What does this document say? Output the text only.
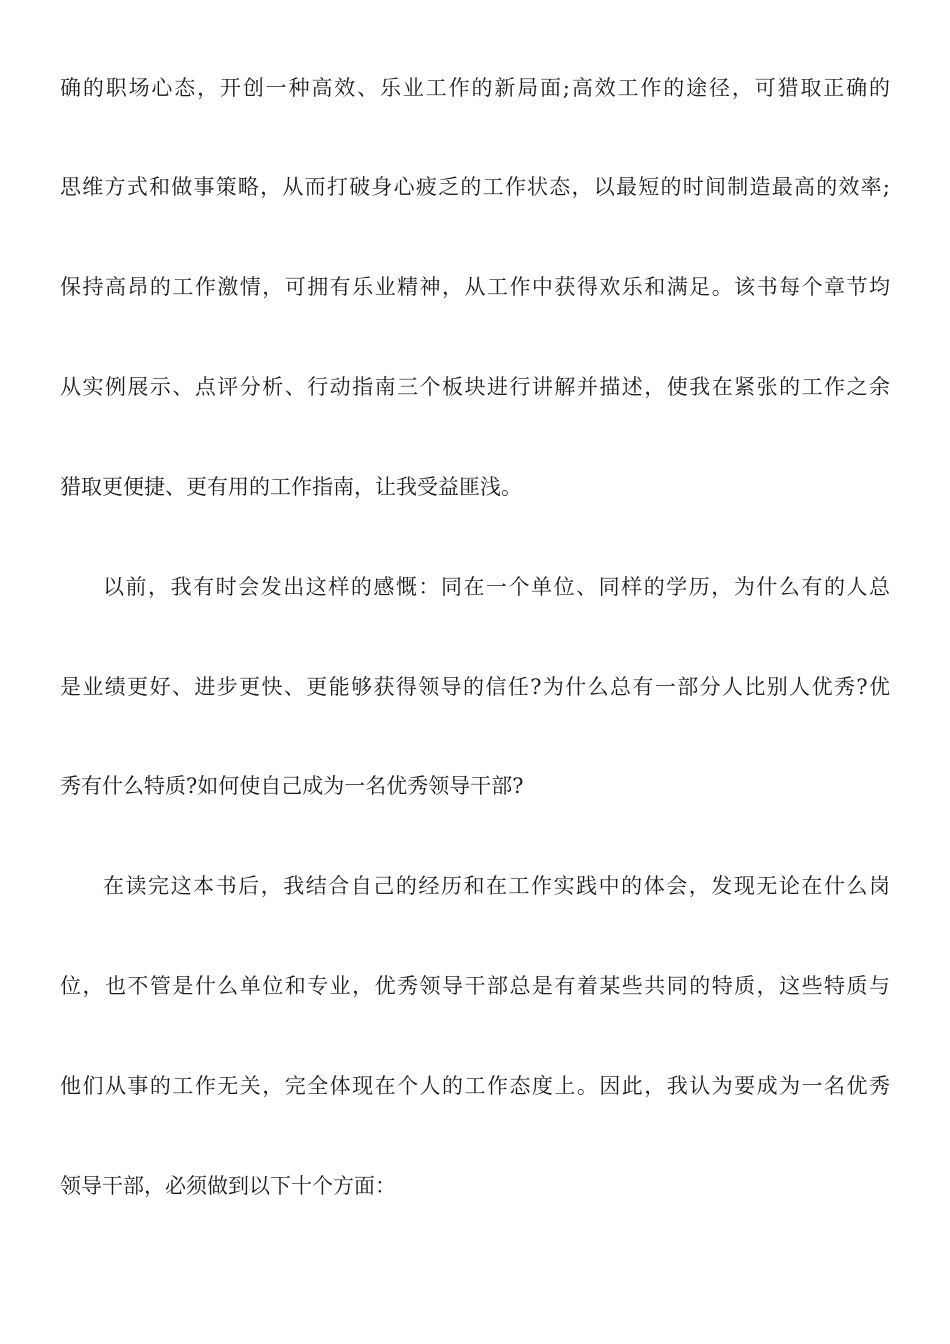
确的职场心态，开创一种高效、乐业工作的新局面;高效工作的途径，可猎取正确的
思维方式和做事策略，从而打破身心疲乏的工作状态，以最短的时间制造最高的效率;
保持高昂的工作激情，可拥有乐业精神，从工作中获得欢乐和满足。该书每个章节均
从实例展示、点评分析、行动指南三个板块进行讲解并描述，使我在紧张的工作之余
猎取更便捷、更有用的工作指南，让我受益匪浅。
以前，我有时会发出这样的感慨：同在一个单位、同样的学历，为什么有的人总
是业绩更好、进步更快、更能够获得领导的信任?为什么总有一部分人比别人优秀?优
秀有什么特质?如何使自己成为一名优秀领导干部?
在读完这本书后，我结合自己的经历和在工作实践中的体会，发现无论在什么岗
位，也不管是什么单位和专业，优秀领导干部总是有着某些共同的特质，这些特质与
他们从事的工作无关，完全体现在个人的工作态度上。因此，我认为要成为一名优秀
领导干部，必须做到以下十个方面：
